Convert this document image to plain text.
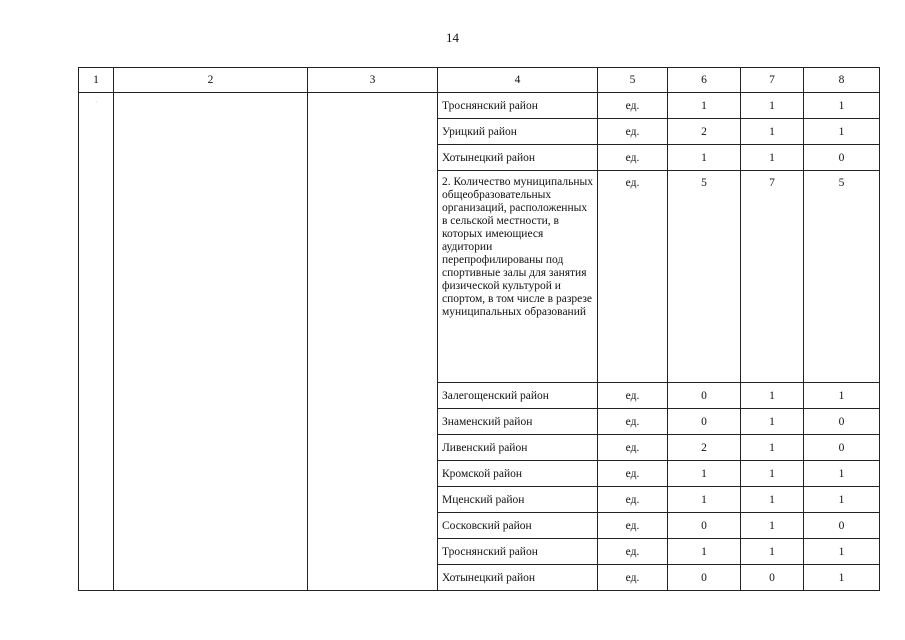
14
1	2	3	4	5	6	7	8
			Троснянский район	ед.	1	1	1
			Урицкий район	ед.	2	1	1
			Хотынецкий район	ед.	1	1	0
			2. Количество муниципальных общеобразовательных организаций, расположенных в сельской местности, в которых имеющиеся аудитории перепрофилированы под спортивные залы для занятия физической культурой и спортом, в том числе в разрезе муниципальных образований	ед.	5	7	5
			Залегощенский район	ед.	0	1	1
			Знаменский район	ед.	0	1	0
			Ливенский район	ед.	2	1	0
			Кромской район	ед.	1	1	1
			Мценский район	ед.	1	1	1
			Сосковский район	ед.	0	1	0
			Троснянский район	ед.	1	1	1
			Хотынецкий район	ед.	0	0	1
ˋ
